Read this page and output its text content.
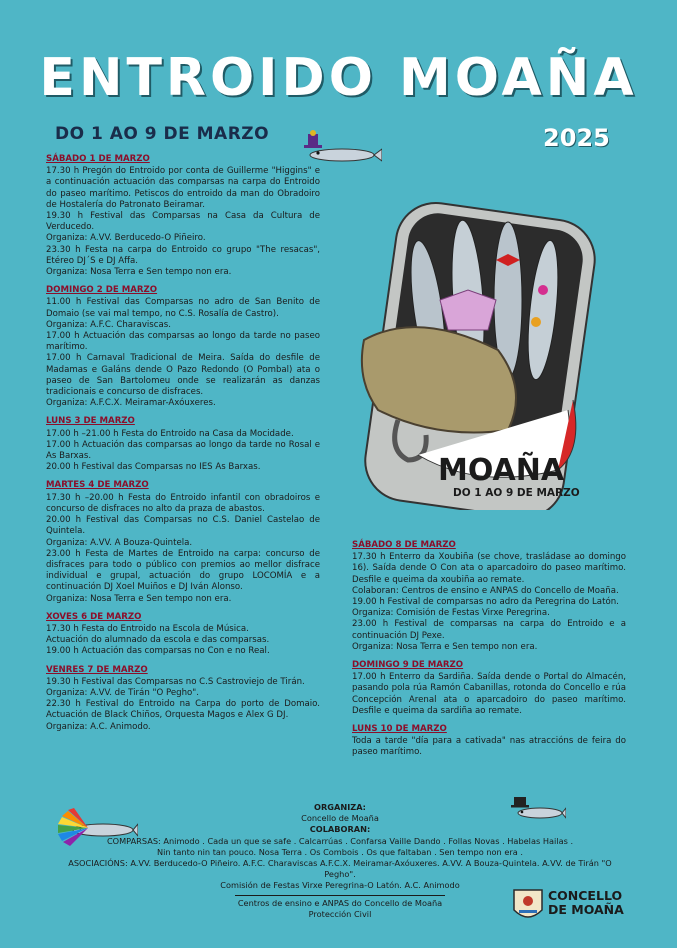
ENTROIDO MOAÑA
DO 1 AO 9 DE MARZO	2025
SÁBADO 1 DE MARZO
17.30 h Pregón do Entroido por conta de Guillerme "Higgins" e a continuación actuación das comparsas na carpa do Entroido do paseo marítimo. Petiscos do entroido da man do Obradoiro de Hostalería do Patronato Beiramar.
19.30 h Festival das Comparsas na Casa da Cultura de Verducedo.
Organiza: A.VV. Berducedo-O Piñeiro.
23.30 h Festa na carpa do Entroido co grupo "The resacas", Etéreo DJ´S e DJ Affa.
Organiza: Nosa Terra e Sen tempo non era.
DOMINGO 2 DE MARZO
11.00 h Festival das Comparsas no adro de San Benito de Domaio (se vai mal tempo, no C.S. Rosalía de Castro).
Organiza: A.F.C. Charaviscas.
17.00 h Actuación das comparsas ao longo da tarde no paseo marítimo.
17.00 h Carnaval Tradicional de Meira. Saída do desfile de Madamas e Galáns dende O Pazo Redondo (O Pombal) ata o paseo de San Bartolomeu onde se realizarán as danzas tradicionais e concurso de disfraces.
Organiza: A.F.C.X. Meiramar-Axóuxeres.
LUNS 3 DE MARZO
17.00 h –21.00 h Festa do Entroido na Casa da Mocidade.
17.00 h Actuación das comparsas ao longo da tarde no Rosal e As Barxas.
20.00 h Festival das Comparsas no IES As Barxas.
MARTES 4 DE MARZO
17.30 h –20.00 h Festa do Entroido infantil con obradoiros e concurso de disfraces no alto da praza de abastos.
20.00 h Festival das Comparsas no C.S. Daniel Castelao de Quintela.
Organiza: A.VV. A Bouza-Quintela.
23.00 h Festa de Martes de Entroido na carpa: concurso de disfraces para todo o público con premios ao mellor disfrace individual e grupal, actuación do grupo LOCOMÍA e a continuación DJ Xoel Muiños e DJ Iván Alonso.
Organiza: Nosa Terra e Sen tempo non era.
XOVES 6 DE MARZO
17.30 h Festa do Entroido na Escola de Música.
Actuación do alumnado da escola e das comparsas.
19.00 h Actuación das comparsas no Con e no Real.
VENRES 7 DE MARZO
19.30 h Festival das Comparsas no C.S Castroviejo de Tirán.
Organiza: A.VV. de Tirán "O Pegho".
22.30 h Festival do Entroido na Carpa do porto de Domaio. Actuación de Black Chiños, Orquesta Magos e Alex G DJ.
Organiza: A.C. Animodo.
MOAÑA
DO 1 AO 9 DE MARZO
SÁBADO 8 DE MARZO
17.30 h Enterro da Xoubiña (se chove, trasládase ao domingo 16). Saída dende O Con ata o aparcadoiro do paseo marítimo. Desfile e queima da xoubiña ao remate.
Colaboran: Centros de ensino e ANPAS do Concello de Moaña.
19.00 h Festival de comparsas no adro da Peregrina do Latón.
Organiza: Comisión de Festas Virxe Peregrina.
23.00 h Festival de comparsas na carpa do Entroido e a continuación DJ Pexe.
Organiza: Nosa Terra e Sen tempo non era.
DOMINGO 9 DE MARZO
17.00 h Enterro da Sardiña. Saída dende o Portal do Almacén, pasando pola rúa Ramón Cabanillas, rotonda do Concello e rúa Concepción Arenal ata o aparcadoiro do paseo marítimo. Desfile e queima da sardiña ao remate.
LUNS 10 DE MARZO
Toda a tarde "día para a cativada" nas atraccións de feira do paseo marítimo.
ORGANIZA:
Concello de Moaña
COLABORAN:
COMPARSAS: Animodo . Cada un que se safe . Calcarrúas . Confarsa Vaille Dando . Follas Novas . Habelas Hailas .
Nin tanto nin tan pouco. Nosa Terra . Os Combois . Os que faltaban . Sen tempo non era .
ASOCIACIÓNS: A.VV. Berducedo-O Piñeiro. A.F.C. Charaviscas A.F.C.X. Meiramar-Axóuxeres. A.VV. A Bouza-Quintela. A.VV. de Tirán "O Pegho".
Comisión de Festas Virxe Peregrina-O Latón. A.C. Animodo
Centros de ensino e ANPAS do Concello de Moaña
Protección Civil
CONCELLO
DE MOAÑA
